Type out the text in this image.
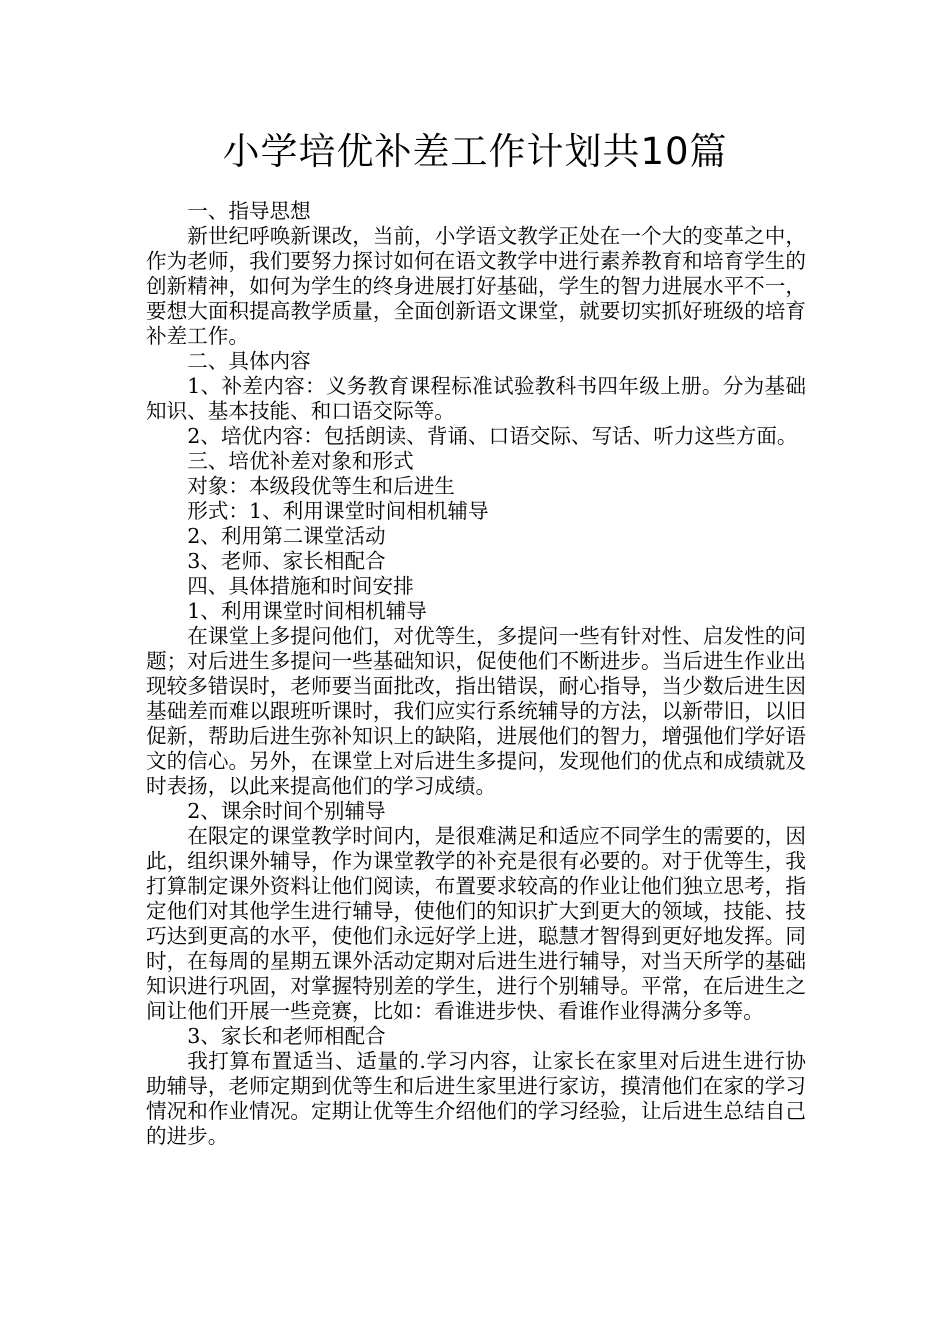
小学培优补差工作计划共10篇

一、指导思想

新世纪呼唤新课改，当前，小学语文教学正处在一个大的变革之中，作为老师，我们要努力探讨如何在语文教学中进行素养教育和培育学生的创新精神，如何为学生的终身进展打好基础，学生的智力进展水平不一，要想大面积提高教学质量，全面创新语文课堂，就要切实抓好班级的培育补差工作。

二、具体内容

1、补差内容：义务教育课程标准试验教科书四年级上册。分为基础知识、基本技能、和口语交际等。

2、培优内容：包括朗读、背诵、口语交际、写话、听力这些方面。

三、培优补差对象和形式

对象：本级段优等生和后进生

形式：1、利用课堂时间相机辅导

2、利用第二课堂活动

3、老师、家长相配合

四、具体措施和时间安排

1、利用课堂时间相机辅导

在课堂上多提问他们，对优等生，多提问一些有针对性、启发性的问题；对后进生多提问一些基础知识，促使他们不断进步。当后进生作业出现较多错误时，老师要当面批改，指出错误，耐心指导，当少数后进生因基础差而难以跟班听课时，我们应实行系统辅导的方法，以新带旧，以旧促新，帮助后进生弥补知识上的缺陷，进展他们的智力，增强他们学好语文的信心。另外，在课堂上对后进生多提问，发现他们的优点和成绩就及时表扬，以此来提高他们的学习成绩。

2、课余时间个别辅导

在限定的课堂教学时间内，是很难满足和适应不同学生的需要的，因此，组织课外辅导，作为课堂教学的补充是很有必要的。对于优等生，我打算制定课外资料让他们阅读，布置要求较高的作业让他们独立思考，指定他们对其他学生进行辅导，使他们的知识扩大到更大的领域，技能、技巧达到更高的水平，使他们永远好学上进，聪慧才智得到更好地发挥。同时，在每周的星期五课外活动定期对后进生进行辅导，对当天所学的基础知识进行巩固，对掌握特别差的学生，进行个别辅导。平常，在后进生之间让他们开展一些竞赛，比如：看谁进步快、看谁作业得满分多等。

3、家长和老师相配合

我打算布置适当、适量的.学习内容，让家长在家里对后进生进行协助辅导，老师定期到优等生和后进生家里进行家访，摸清他们在家的学习情况和作业情况。定期让优等生介绍他们的学习经验，让后进生总结自己的进步。
